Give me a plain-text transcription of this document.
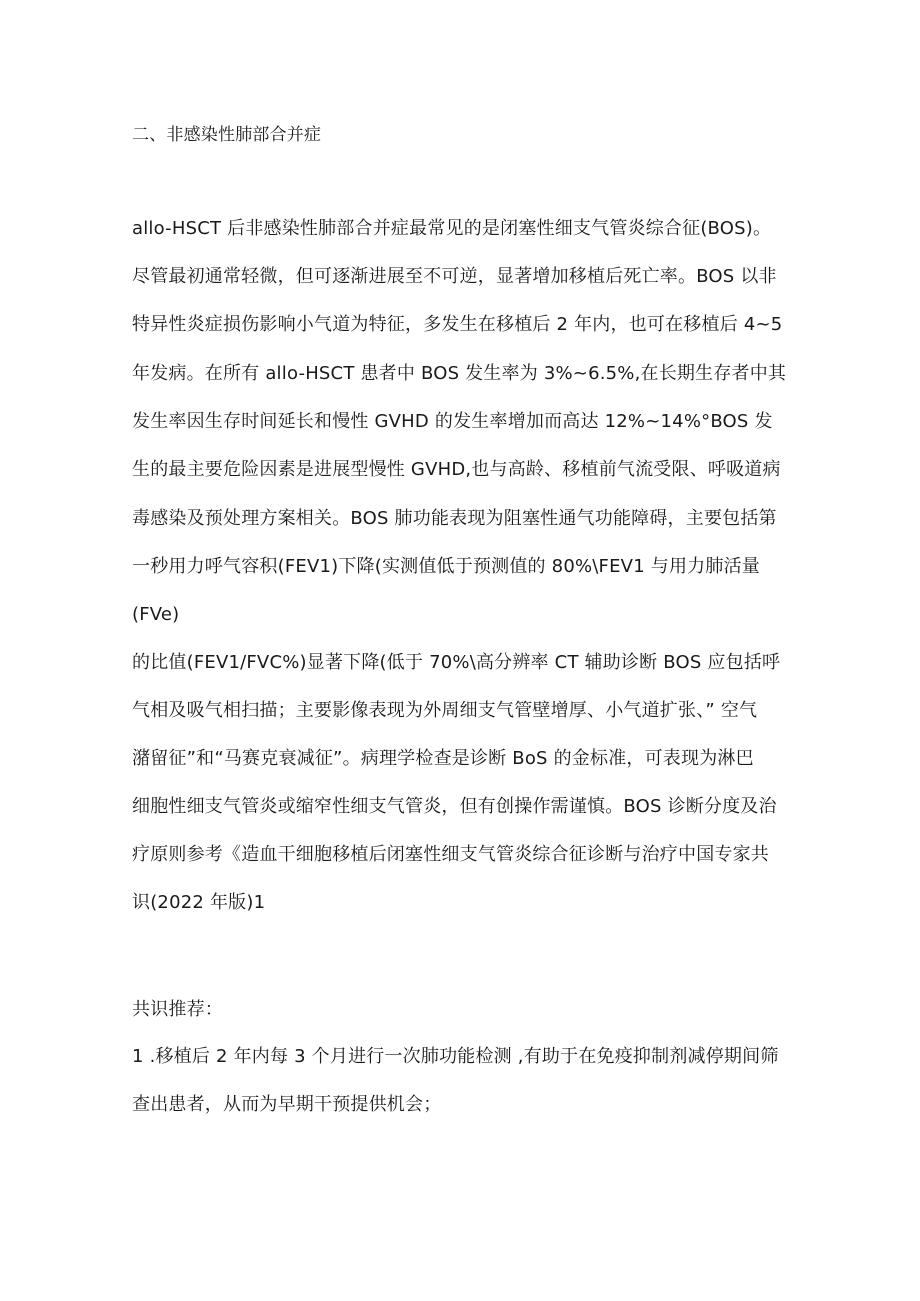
二、非感染性肺部合并症

allo-HSCT 后非感染性肺部合并症最常见的是闭塞性细支气管炎综合征(BOS)。

尽管最初通常轻微，但可逐渐进展至不可逆，显著增加移植后死亡率。BOS 以非

特异性炎症损伤影响小气道为特征，多发生在移植后 2 年内，也可在移植后 4~5

年发病。在所有 allo-HSCT 患者中 BOS 发生率为 3%~6.5%,在长期生存者中其

发生率因生存时间延长和慢性 GVHD 的发生率增加而高达 12%~14%°BOS 发

生的最主要危险因素是进展型慢性 GVHD,也与高龄、移植前气流受限、呼吸道病

毒感染及预处理方案相关。BOS 肺功能表现为阻塞性通气功能障碍，主要包括第

一秒用力呼气容积(FEV1)下降(实测值低于预测值的 80%\FEV1 与用力肺活量

(FVe)

的比值(FEV1∕FVC%)显著下降(低于 70%\高分辨率 CT 辅助诊断 BOS 应包括呼

气相及吸气相扫描；主要影像表现为外周细支气管壁增厚、小气道扩张、” 空气

潴留征”和“马赛克衰减征”。病理学检查是诊断 BoS 的金标准，可表现为淋巴

细胞性细支气管炎或缩窄性细支气管炎，但有创操作需谨慎。BOS 诊断分度及治

疗原则参考《造血干细胞移植后闭塞性细支气管炎综合征诊断与治疗中国专家共

识(2022 年版)1

共识推荐：

1 .移植后 2 年内每 3 个月进行一次肺功能检测 ,有助于在免疫抑制剂减停期间筛

查出患者，从而为早期干预提供机会；
